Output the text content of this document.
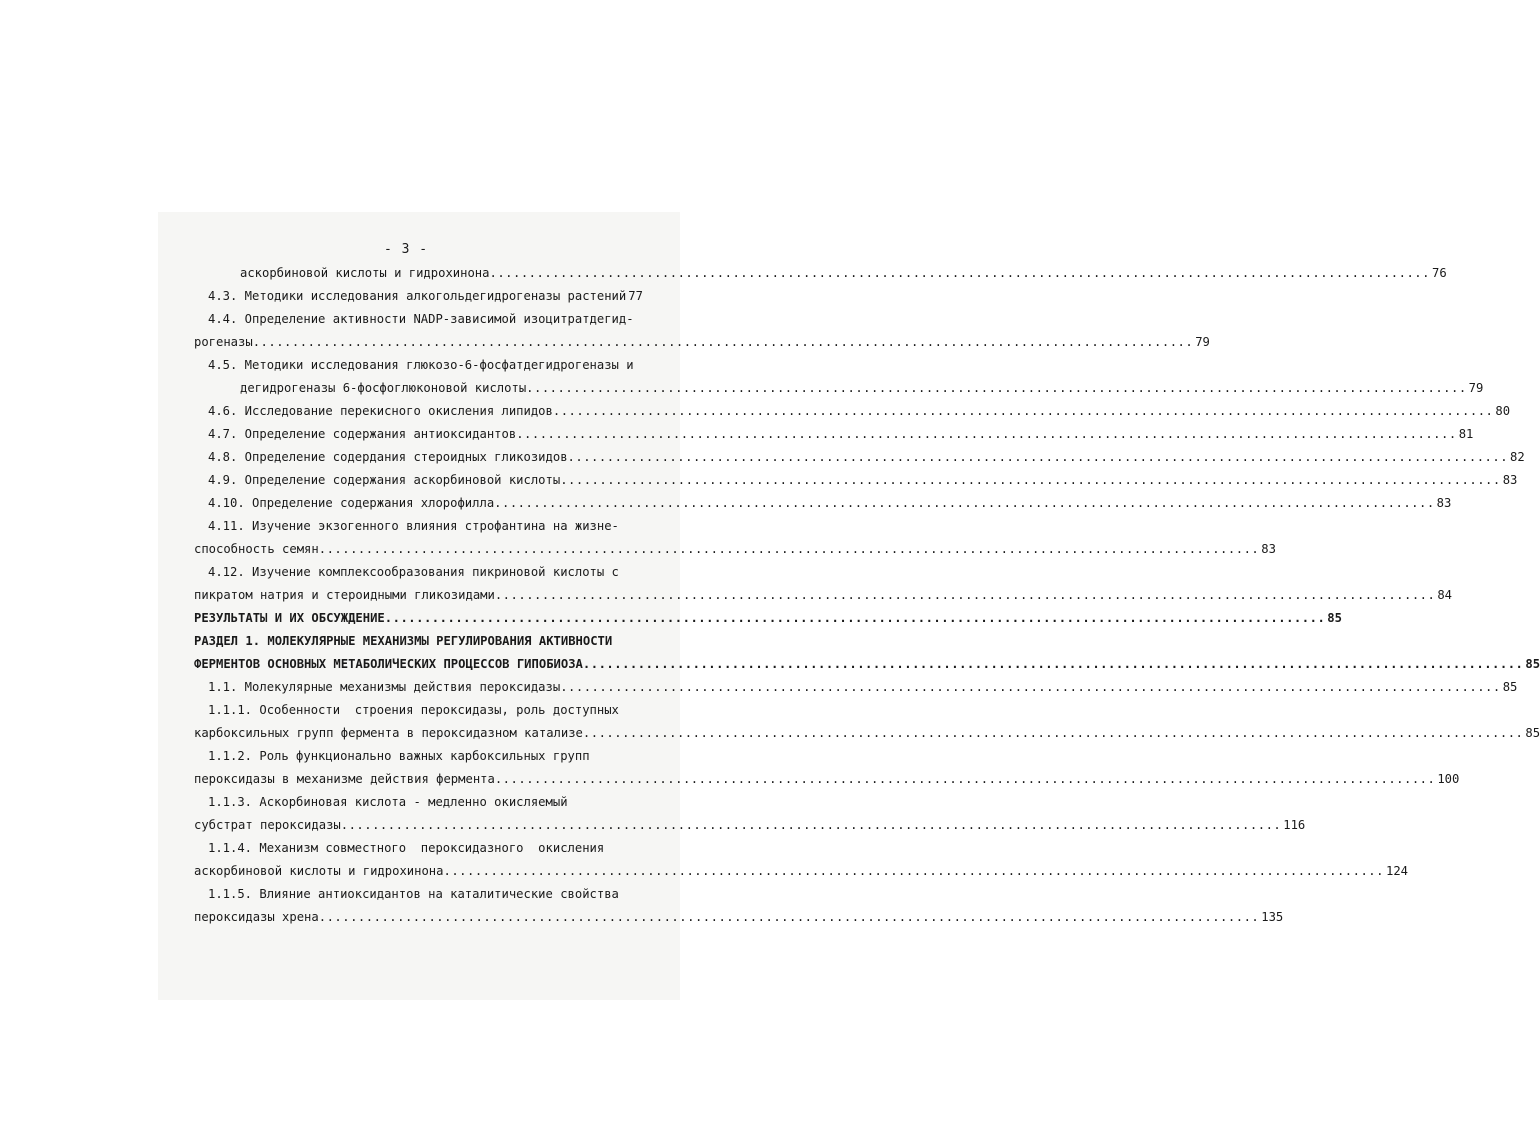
- 3 -
аскорбиновой кислоты и гидрохинона .....	76
4.3. Методики исследования алкогольдегидрогеназы растений 77
4.4. Определение активности NADP-зависимой изоцитратдегид-
рогеназы .....	79
4.5. Методики исследования глюкозо-6-фосфатдегидрогеназы и
дегидрогеназы 6-фосфоглюконовой кислоты .....	79
4.6. Исследование перекисного окисления липидов .....	80
4.7. Определение содержания антиоксидантов .....	81
4.8. Определение содердания стероидных гликозидов .....	82
4.9. Определение содержания аскорбиновой кислоты .....	83
4.10. Определение содержания хлорофилла .....	83
4.11. Изучение экзогенного влияния строфантина на жизне-
способность семян .....	83
4.12. Изучение комплексообразования пикриновой кислоты с
пикратом натрия и стероидными гликозидами .....	84
РЕЗУЛЬТАТЫ И ИХ ОБСУЖДЕНИЕ .....	85
РАЗДЕЛ 1. МОЛЕКУЛЯРНЫЕ МЕХАНИЗМЫ РЕГУЛИРОВАНИЯ АКТИВНОСТИ
ФЕРМЕНТОВ ОСНОВНЫХ МЕТАБОЛИЧЕСКИХ ПРОЦЕССОВ ГИПОБИОЗА .....	85
1.1. Молекулярные механизмы действия пероксидазы .....	85
1.1.1. Особенности  строения пероксидазы, роль доступных
карбоксильных групп фермента в пероксидазном катализе .....	85
1.1.2. Роль функционально важных карбоксильных групп
пероксидазы в механизме действия фермента .....	100
1.1.3. Аскорбиновая кислота - медленно окисляемый
субстрат пероксидазы .....	116
1.1.4. Механизм совместного  пероксидазного  окисления
аскорбиновой кислоты и гидрохинона .....	124
1.1.5. Влияние антиоксидантов на каталитические свойства
пероксидазы хрена .....	135
